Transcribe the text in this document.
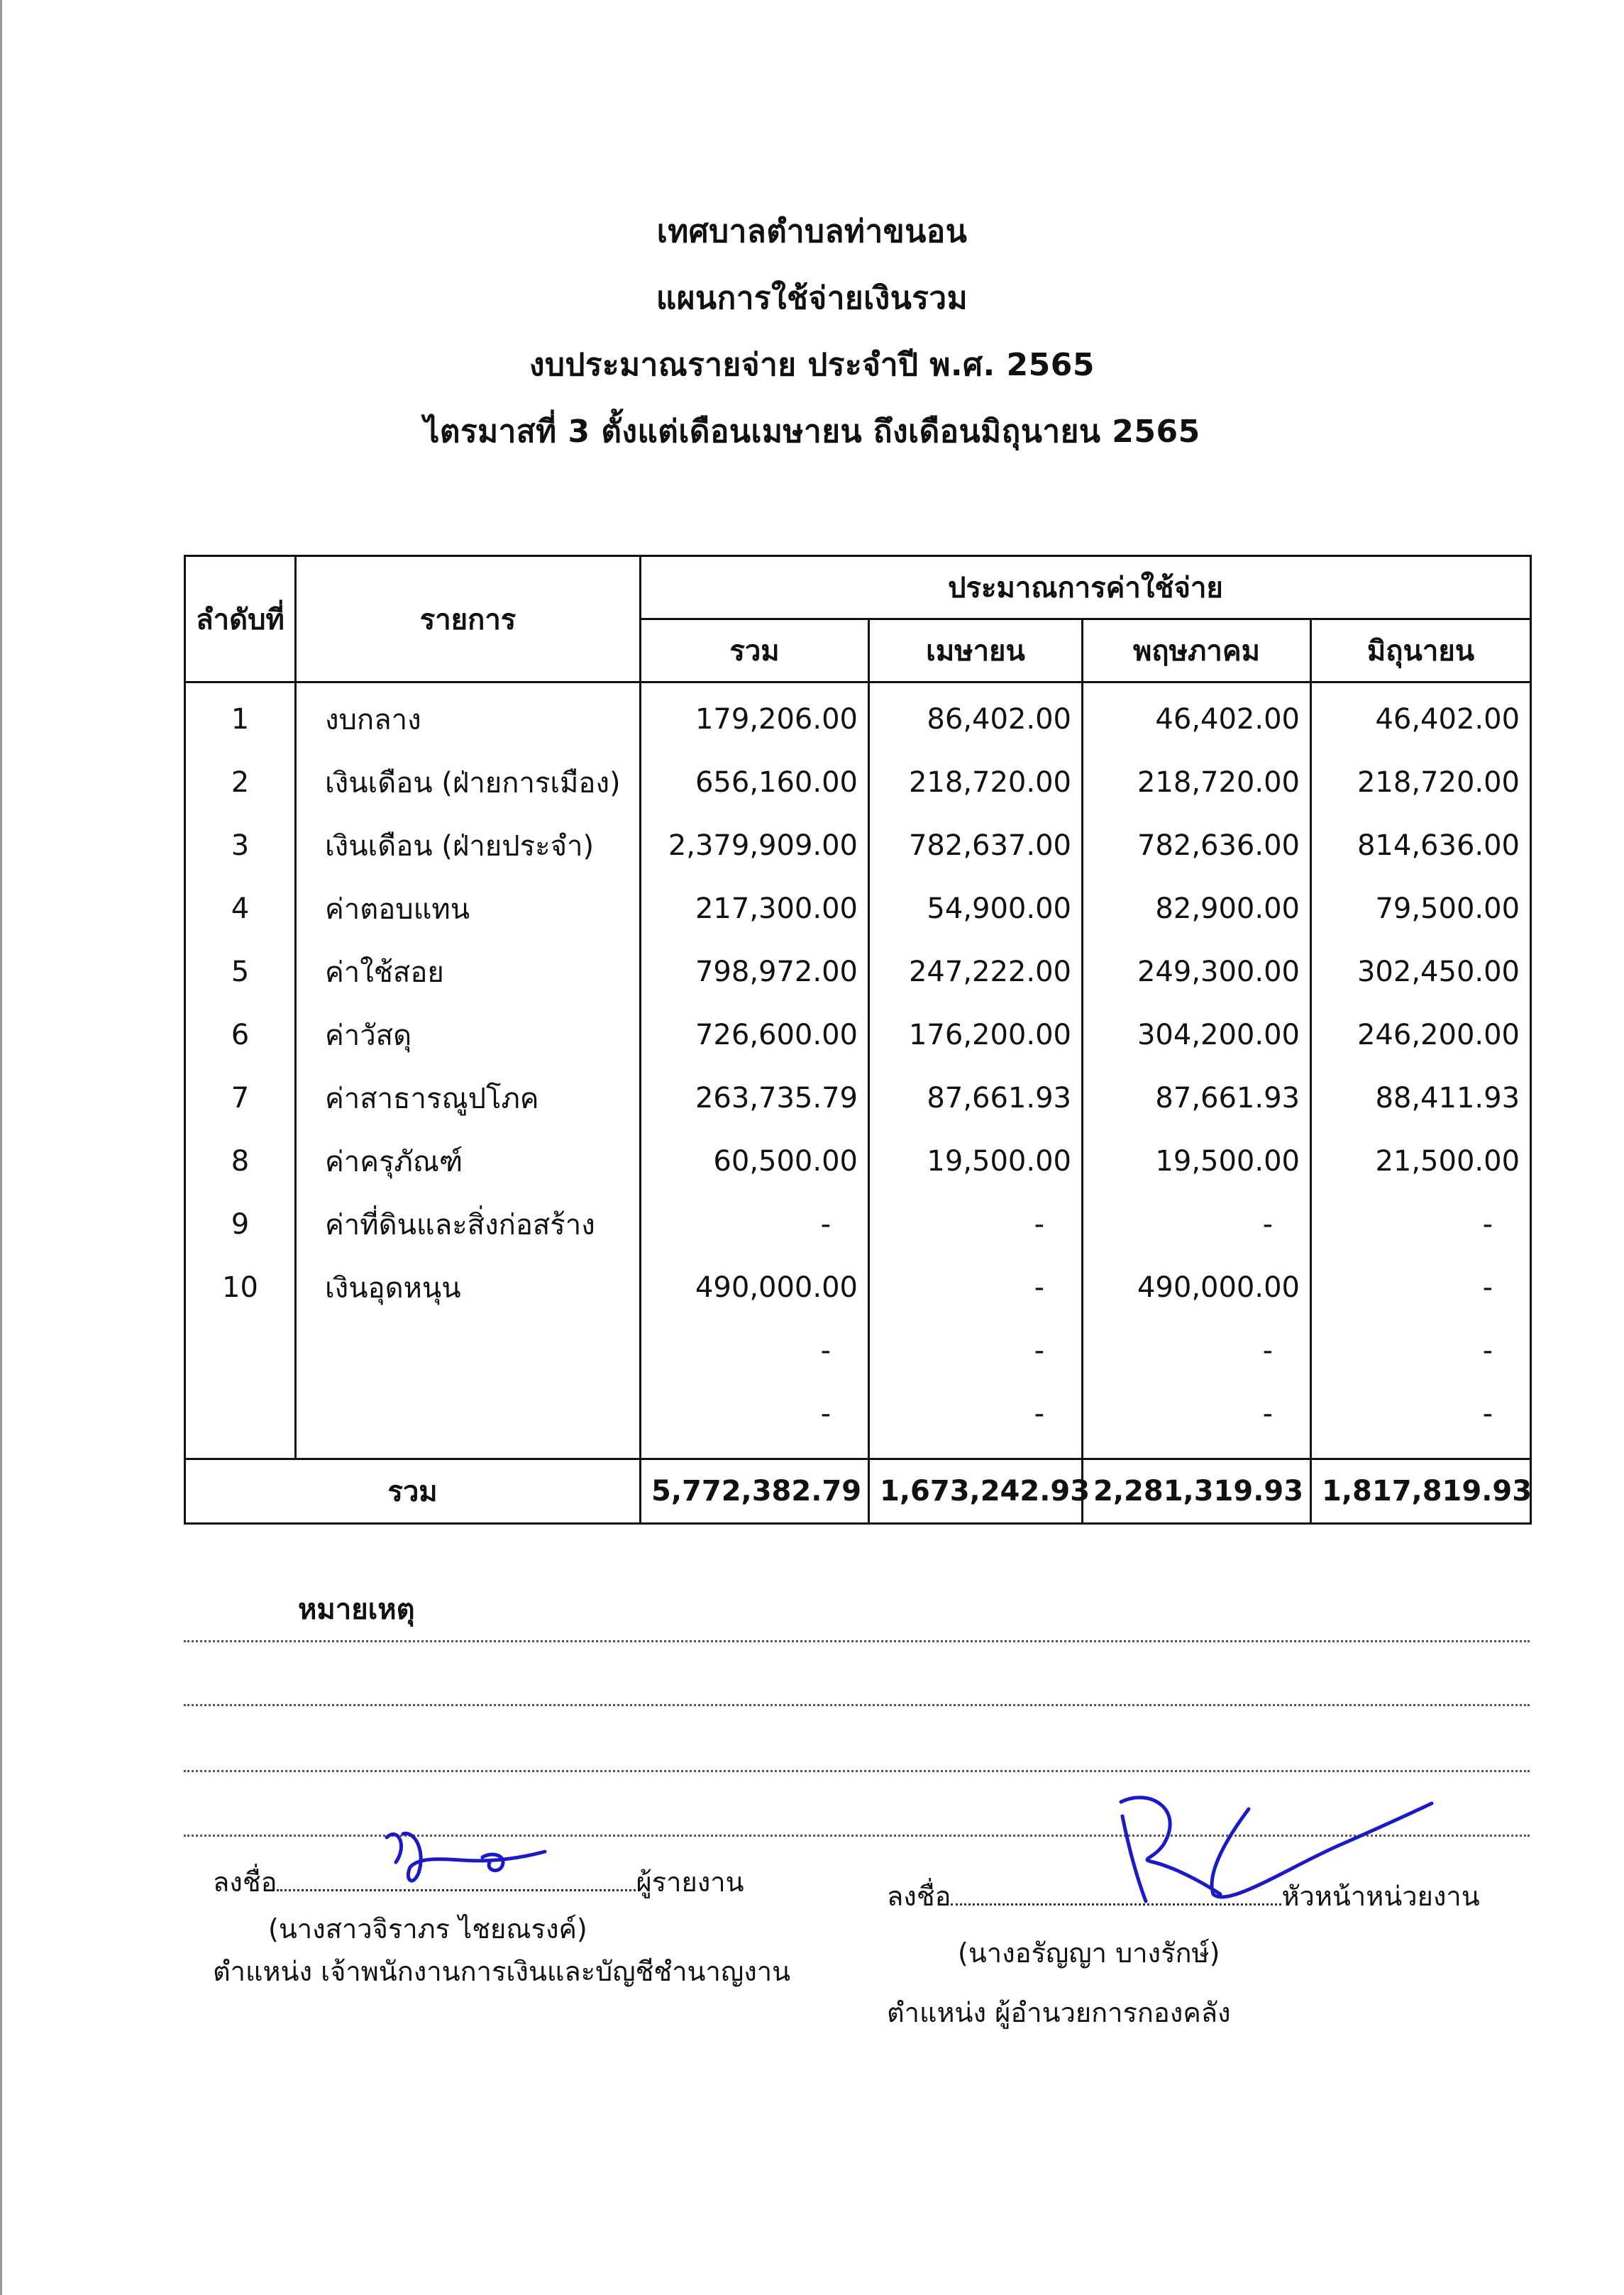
เทศบาลตำบลท่าขนอน
แผนการใช้จ่ายเงินรวม
งบประมาณรายจ่าย ประจำปี พ.ศ. 2565
ไตรมาสที่ 3 ตั้งแต่เดือนเมษายน ถึงเดือนมิถุนายน 2565
ลำดับที่	รายการ	ประมาณการค่าใช้จ่าย			
		รวม	เมษายน	พฤษภาคม	มิถุนายน
1	งบกลาง	179,206.00	86,402.00	46,402.00	46,402.00
2	เงินเดือน (ฝ่ายการเมือง)	656,160.00	218,720.00	218,720.00	218,720.00
3	เงินเดือน (ฝ่ายประจำ)	2,379,909.00	782,637.00	782,636.00	814,636.00
4	ค่าตอบแทน	217,300.00	54,900.00	82,900.00	79,500.00
5	ค่าใช้สอย	798,972.00	247,222.00	249,300.00	302,450.00
6	ค่าวัสดุ	726,600.00	176,200.00	304,200.00	246,200.00
7	ค่าสาธารณูปโภค	263,735.79	87,661.93	87,661.93	88,411.93
8	ค่าครุภัณฑ์	60,500.00	19,500.00	19,500.00	21,500.00
9	ค่าที่ดินและสิ่งก่อสร้าง	-	-	-	-
10	เงินอุดหนุน	490,000.00	-	490,000.00	-
		-	-	-	-
		-	-	-	-

รวม		5,772,382.79	1,673,242.93	2,281,319.93	1,817,819.93
หมายเหตุ
ลงชื่อ	ผู้รายงาน
(นางสาวจิราภร ไชยณรงค์)
ตำแหน่ง เจ้าพนักงานการเงินและบัญชีชำนาญงาน
ลงชื่อ	หัวหน้าหน่วยงาน
(นางอรัญญา บางรักษ์)
ตำแหน่ง ผู้อำนวยการกองคลัง
